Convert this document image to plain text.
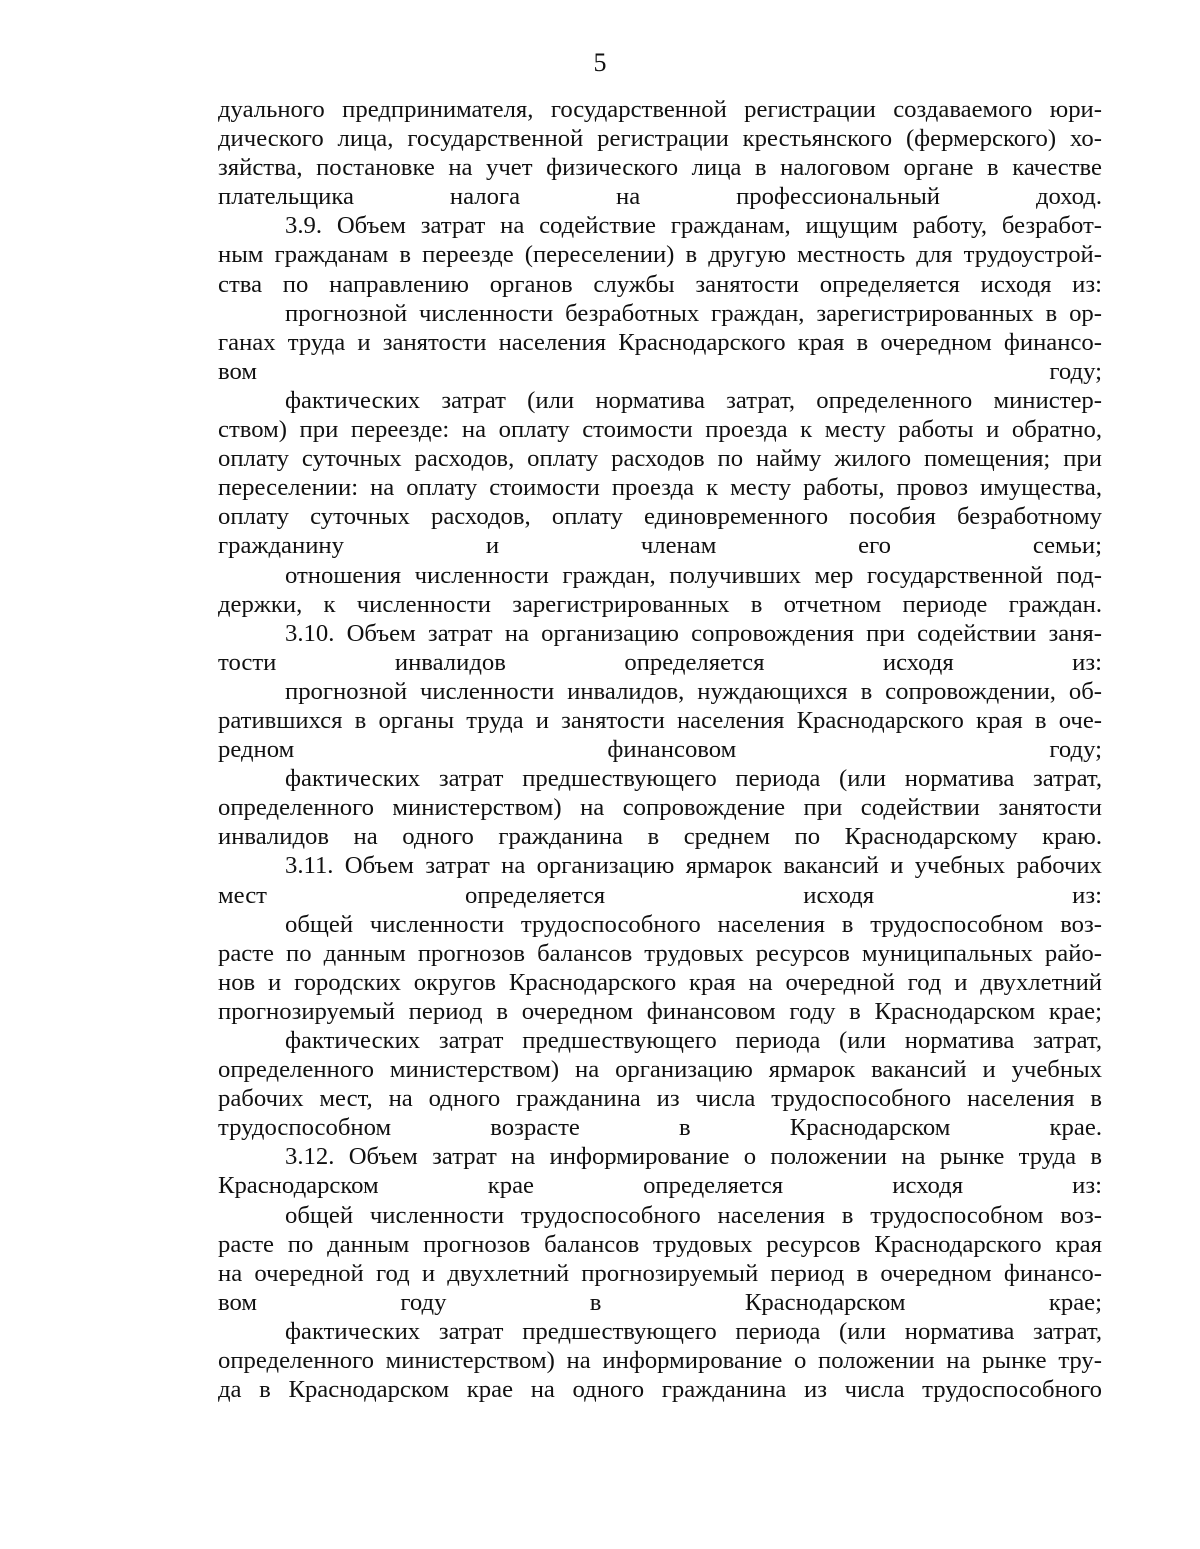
5

дуального предпринимателя, государственной регистрации создаваемого юри-
дического лица, государственной регистрации крестьянского (фермерского) хо-
зяйства, постановке на учет физического лица в налоговом органе в качестве
плательщика налога на профессиональный доход.

3.9. Объем затрат на содействие гражданам, ищущим работу, безработ-
ным гражданам в переезде (переселении) в другую местность для трудоустрой-
ства по направлению органов службы занятости определяется исходя из:

прогнозной численности безработных граждан, зарегистрированных в ор-
ганах труда и занятости населения Краснодарского края в очередном финансо-
вом году;

фактических затрат (или норматива затрат, определенного министер-
ством) при переезде: на оплату стоимости проезда к месту работы и обратно,
оплату суточных расходов, оплату расходов по найму жилого помещения; при
переселении: на оплату стоимости проезда к месту работы, провоз имущества,
оплату суточных расходов, оплату единовременного пособия безработному
гражданину и членам его семьи;

отношения численности граждан, получивших мер государственной под-
держки, к численности зарегистрированных в отчетном периоде граждан.

3.10. Объем затрат на организацию сопровождения при содействии заня-
тости инвалидов определяется исходя из:

прогнозной численности инвалидов, нуждающихся в сопровождении, об-
ратившихся в органы труда и занятости населения Краснодарского края в оче-
редном финансовом году;

фактических затрат предшествующего периода (или норматива затрат,
определенного министерством) на сопровождение при содействии занятости
инвалидов на одного гражданина в среднем по Краснодарскому краю.

3.11. Объем затрат на организацию ярмарок вакансий и учебных рабочих
мест определяется исходя из:

общей численности трудоспособного населения в трудоспособном воз-
расте по данным прогнозов балансов трудовых ресурсов муниципальных райо-
нов и городских округов Краснодарского края на очередной год и двухлетний
прогнозируемый период в очередном финансовом году в Краснодарском крае;

фактических затрат предшествующего периода (или норматива затрат,
определенного министерством) на организацию ярмарок вакансий и учебных
рабочих мест, на одного гражданина из числа трудоспособного населения в
трудоспособном возрасте в Краснодарском крае.

3.12. Объем затрат на информирование о положении на рынке труда в
Краснодарском крае определяется исходя из:

общей численности трудоспособного населения в трудоспособном воз-
расте по данным прогнозов балансов трудовых ресурсов Краснодарского края
на очередной год и двухлетний прогнозируемый период в очередном финансо-
вом году в Краснодарском крае;

фактических затрат предшествующего периода (или норматива затрат,
определенного министерством) на информирование о положении на рынке тру-
да в Краснодарском крае на одного гражданина из числа трудоспособного
